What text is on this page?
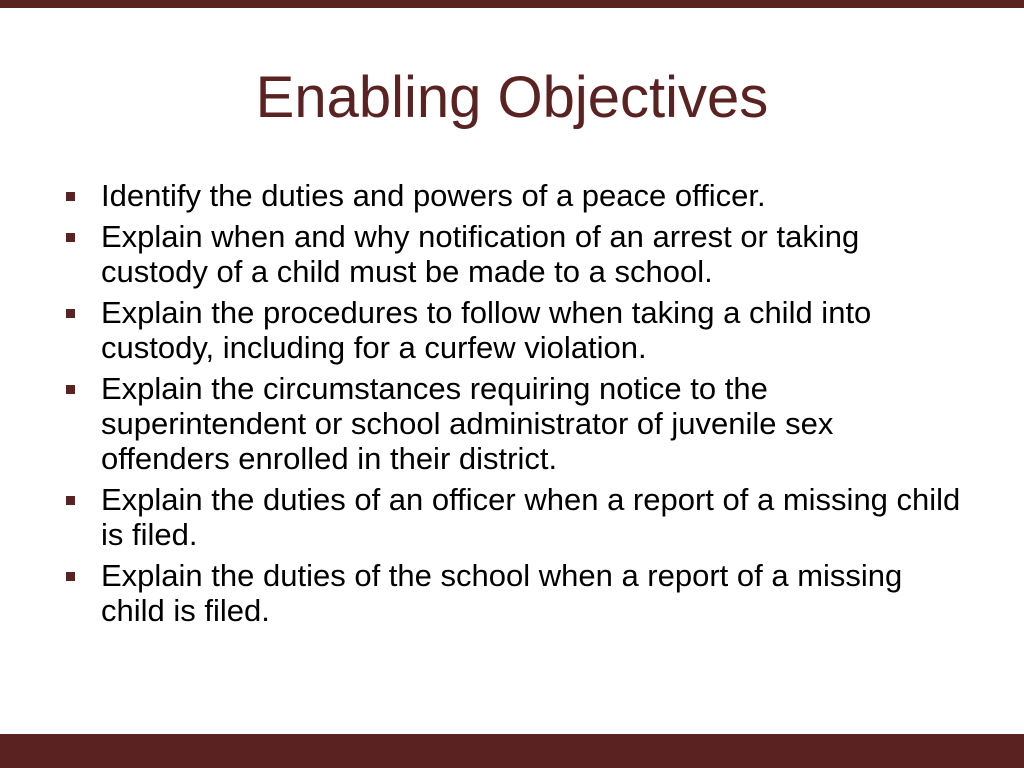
Enabling Objectives
Identify the duties and powers of a peace officer.
Explain when and why notification of an arrest or taking custody of a child must be made to a school.
Explain the procedures to follow when taking a child into custody, including for a curfew violation.
Explain the circumstances requiring notice to the superintendent or school administrator of juvenile sex offenders enrolled in their district.
Explain the duties of an officer when a report of a missing child is filed.
Explain the duties of the school when a report of a missing child is filed.
